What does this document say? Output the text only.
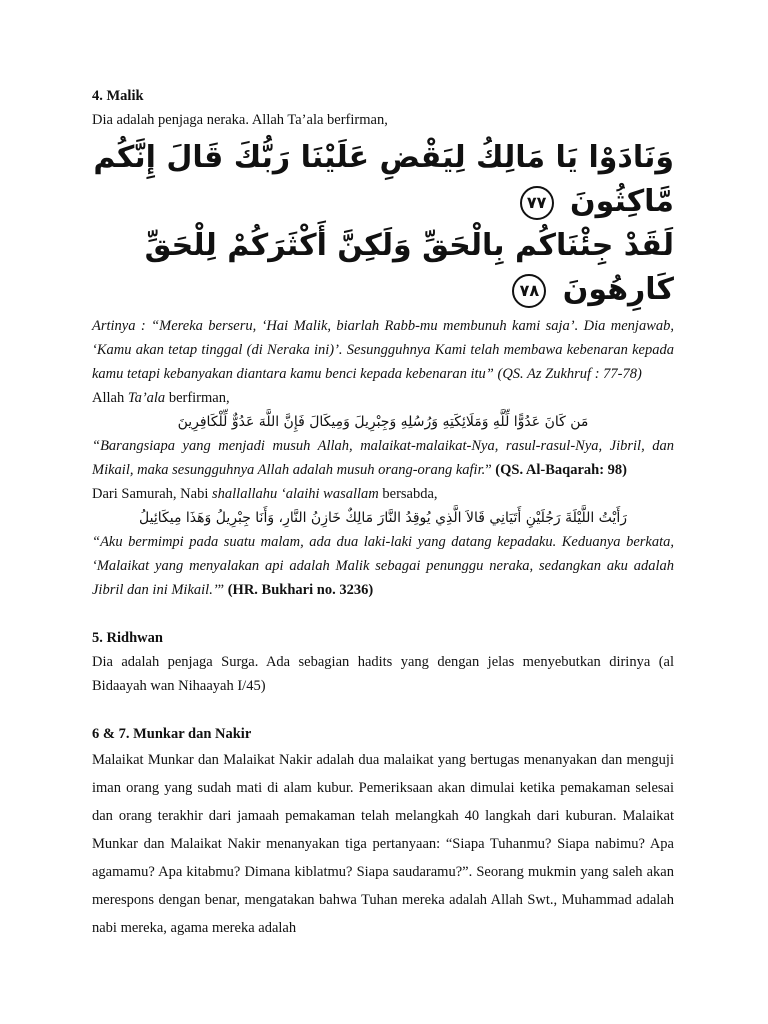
4. Malik

Dia adalah penjaga neraka. Allah Ta’ala berfirman,

وَنَادَوْا يَا مَالِكُ لِيَقْضِ عَلَيْنَا رَبُّكَ قَالَ إِنَّكُم مَّاكِثُونَ ٧٧
لَقَدْ جِئْنَاكُم بِالْحَقِّ وَلَكِنَّ أَكْثَرَكُمْ لِلْحَقِّ كَارِهُونَ ٧٨

Artinya : “Mereka berseru, ‘Hai Malik, biarlah Rabb-mu membunuh kami saja’. Dia menjawab, ‘Kamu akan tetap tinggal (di Neraka ini)’. Sesungguhnya Kami telah membawa kebenaran kepada kamu tetapi kebanyakan diantara kamu benci kepada kebenaran itu” (QS. Az Zukhruf : 77-78)

Allah Ta’ala berfirman,

مَن كَانَ عَدُوًّا لِّلَّهِ وَمَلَائِكَتِهِ وَرُسُلِهِ وَجِبْرِيلَ وَمِيكَالَ فَإِنَّ اللَّهَ عَدُوٌّ لِّلْكَافِرِينَ

“Barangsiapa yang menjadi musuh Allah, malaikat-malaikat-Nya, rasul-rasul-Nya, Jibril, dan Mikail, maka sesungguhnya Allah adalah musuh orang-orang kafir.” (QS. Al-Baqarah: 98)

Dari Samurah, Nabi shallallahu ‘alaihi wasallam bersabda,

رَأَيْتُ اللَّيْلَةَ رَجُلَيْنِ أَتَيَانِي قَالاَ الَّذِي يُوقِدُ النَّارَ مَالِكٌ خَازِنُ النَّارِ، وَأَنَا جِبْرِيلُ وَهَذَا مِيكَائِيلُ

“Aku bermimpi pada suatu malam, ada dua laki-laki yang datang kepadaku. Keduanya berkata, ‘Malaikat yang menyalakan api adalah Malik sebagai penunggu neraka, sedangkan aku adalah Jibril dan ini Mikail.’” (HR. Bukhari no. 3236)

5. Ridhwan

Dia adalah penjaga Surga. Ada sebagian hadits yang dengan jelas menyebutkan dirinya (al Bidaayah wan Nihaayah I/45)

6 & 7. Munkar dan Nakir

Malaikat Munkar dan Malaikat Nakir adalah dua malaikat yang bertugas menanyakan dan menguji iman orang yang sudah mati di alam kubur. Pemeriksaan akan dimulai ketika pemakaman selesai dan orang terakhir dari jamaah pemakaman telah melangkah 40 langkah dari kuburan. Malaikat Munkar dan Malaikat Nakir menanyakan tiga pertanyaan: “Siapa Tuhanmu? Siapa nabimu? Apa agamamu? Apa kitabmu? Dimana kiblatmu? Siapa saudaramu?”. Seorang mukmin yang saleh akan merespons dengan benar, mengatakan bahwa Tuhan mereka adalah Allah Swt., Muhammad adalah nabi mereka, agama mereka adalah
